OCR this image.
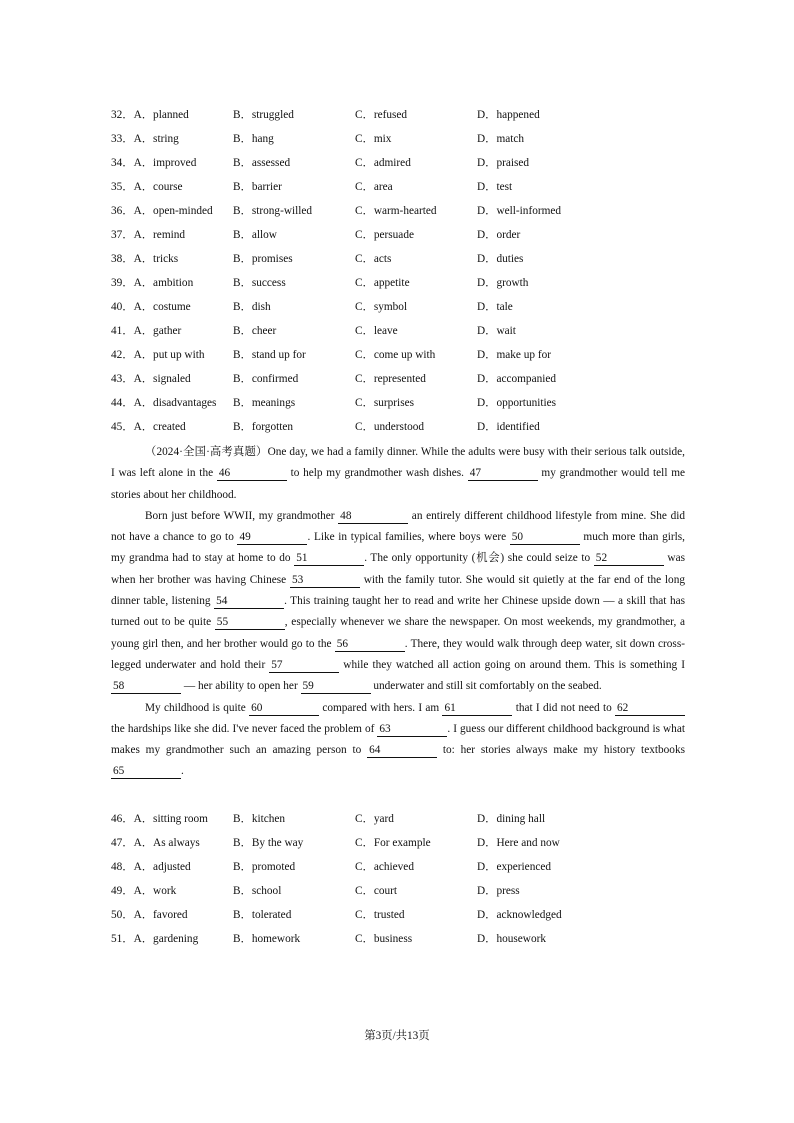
32．A．planned	B．struggled	C．refused	D．happened
33．A．string	B．hang	C．mix	D．match
34．A．improved	B．assessed	C．admired	D．praised
35．A．course	B．barrier	C．area	D．test
36．A．open-minded B．strong-willed	C．warm-hearted	D．well-informed
37．A．remind	B．allow	C．persuade	D．order
38．A．tricks	B．promises	C．acts	D．duties
39．A．ambition	B．success	C．appetite	D．growth
40．A．costume	B．dish	C．symbol	D．tale
41．A．gather	B．cheer	C．leave	D．wait
42．A．put up with	B．stand up for	C．come up with	D．make up for
43．A．signaled	B．confirmed	C．represented	D．accompanied
44．A．disadvantages B．meanings	C．surprises	D．opportunities
45．A．created	B．forgotten	C．understood	D．identified

（2024·全国·高考真题）One day, we had a family dinner. While the adults were busy with their serious talk outside, I was left alone in the 46	to help my grandmother wash dishes. 47	my grandmother would tell me stories about her childhood.

Born just before WWII, my grandmother 48	an entirely different childhood lifestyle from mine. She did not have a chance to go to 49	. Like in typical families, where boys were 50	much more than girls, my grandma had to stay at home to do 51	. The only opportunity (机会) she could seize to 52	was when her brother was having Chinese 53	with the family tutor. She would sit quietly at the far end of the long dinner table, listening 54	. This training taught her to read and write her Chinese upside down — a skill that has turned out to be quite 55	, especially whenever we share the newspaper. On most weekends, my grandmother, a young girl then, and her brother would go to the 56	. There, they would walk through deep water, sit down cross-legged underwater and hold their 57	while they watched all action going on around them. This is something I 58	— her ability to open her 59	underwater and still sit comfortably on the seabed.

My childhood is quite 60	compared with hers. I am 61	that I did not need to 62 the hardships like she did. I've never faced the problem of 63	. I guess our different childhood background is what makes my grandmother such an amazing person to 64	to: her stories always make my history textbooks 65	.

46．A．sitting room B．kitchen	C．yard	D．dining hall
47．A．As always	B．By the way	C．For example	D．Here and now
48．A．adjusted	B．promoted	C．achieved	D．experienced
49．A．work	B．school	C．court	D．press
50．A．favored	B．tolerated	C．trusted	D．acknowledged
51．A．gardening	B．homework	C．business	D．housework
第3页/共13页
